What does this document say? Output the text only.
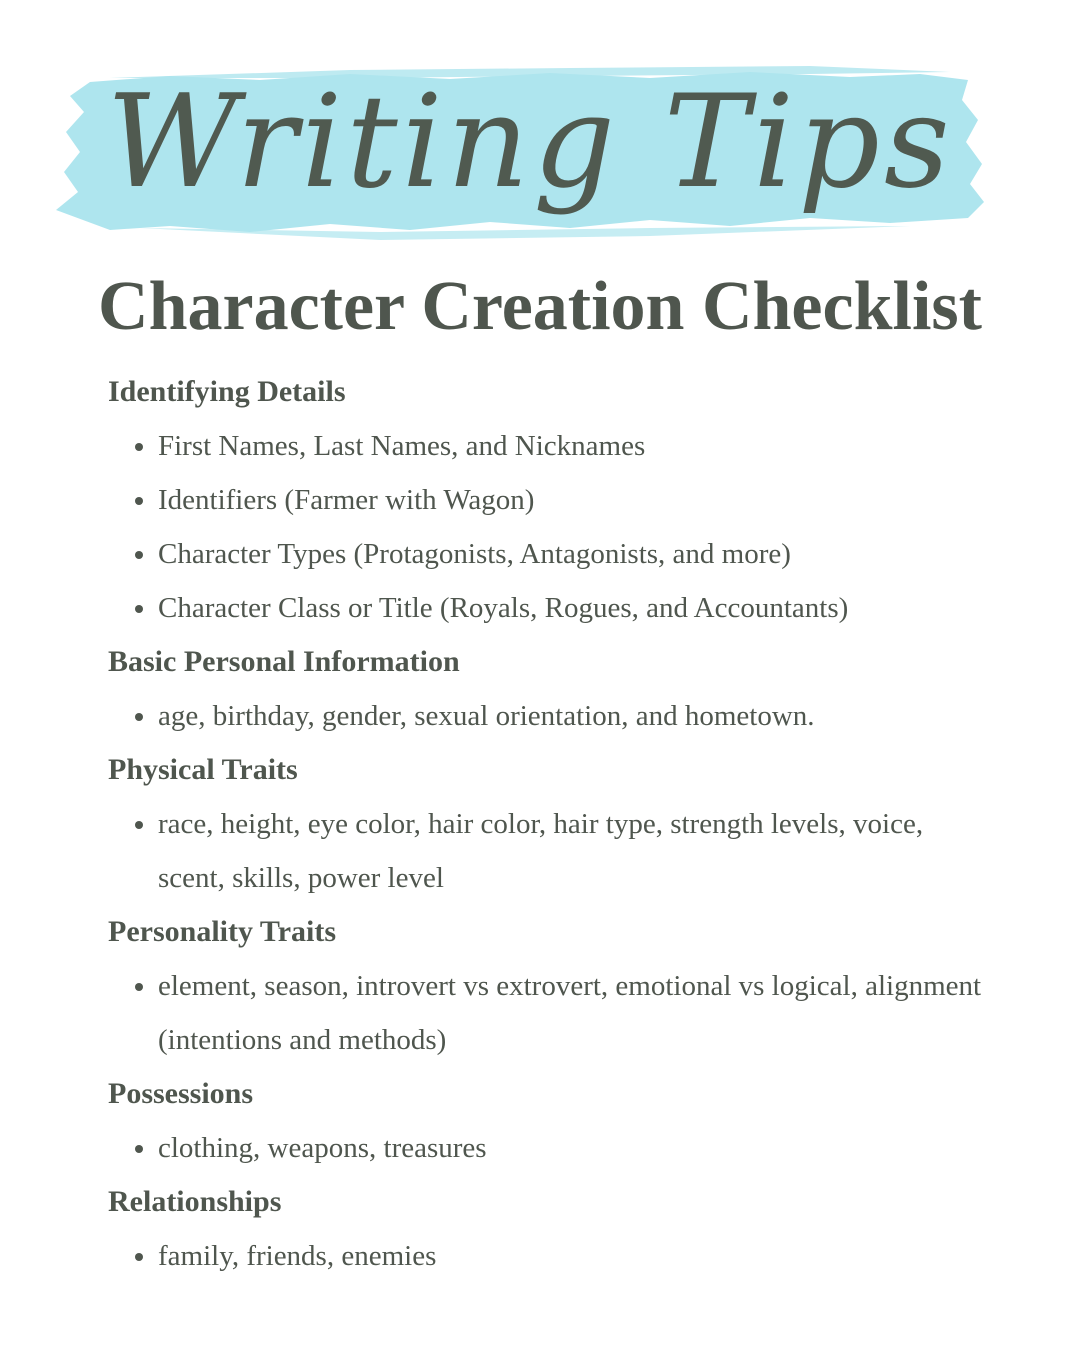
Writing Tips
Character Creation Checklist
Identifying Details
First Names, Last Names, and Nicknames
Identifiers (Farmer with Wagon)
Character Types (Protagonists, Antagonists, and more)
Character Class or Title (Royals, Rogues, and Accountants)
Basic Personal Information
age, birthday, gender, sexual orientation, and hometown.
Physical Traits
race, height, eye color, hair color, hair type, strength levels, voice, scent, skills, power level
Personality Traits
element, season, introvert vs extrovert, emotional vs logical, alignment (intentions and methods)
Possessions
clothing, weapons, treasures
Relationships
family, friends, enemies
